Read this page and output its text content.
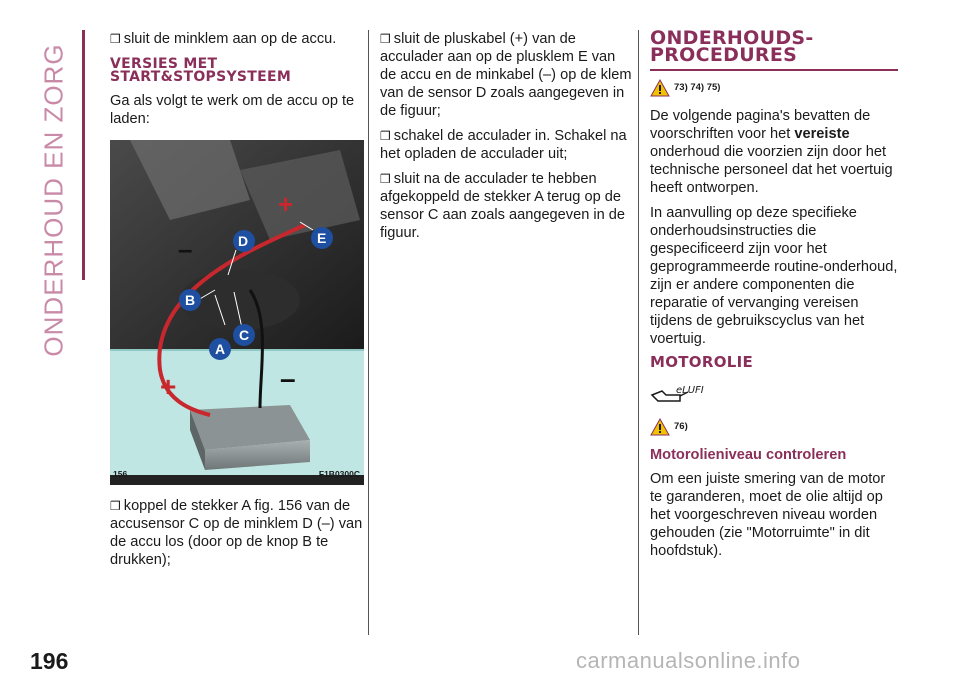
ONDERHOUD EN ZORG
196

❒ sluit de minklem aan op de accu.

VERSIES MET START&STOPSYSTEEM

Ga als volgt te werk om de accu op te laden:

D	E
B
C
A
+
–
+	–
156	F1B0300C

❒ koppel de stekker A fig. 156 van de accusensor C op de minklem D (–) van de accu los (door op de knop B te drukken);

❒ sluit de pluskabel (+) van de acculader aan op de plusklem E van de accu en de minkabel (–) op de klem van de sensor D zoals aangegeven in de figuur;

❒ schakel de acculader in. Schakel na het opladen de acculader uit;

❒ sluit na de acculader te hebben afgekoppeld de stekker A terug op de sensor C aan zoals aangegeven in de figuur.

ONDERHOUDS-PROCEDURES
73) 74) 75)

De volgende pagina's bevatten de voorschriften voor het vereiste onderhoud die voorzien zijn door het technische personeel dat het voertuig heeft ontworpen.

In aanvulling op deze specifieke onderhoudsinstructies die gespecificeerd zijn voor het geprogrammeerde routine-onderhoud, zijn er andere componenten die reparatie of vervanging vereisen tijdens de gebruikscyclus van het voertuig.

MOTOROLIE
eLUFI
76)
Motorolieniveau controleren

Om een juiste smering van de motor te garanderen, moet de olie altijd op het voorgeschreven niveau worden gehouden (zie "Motorruimte" in dit hoofdstuk).

carmanualsonline.info
